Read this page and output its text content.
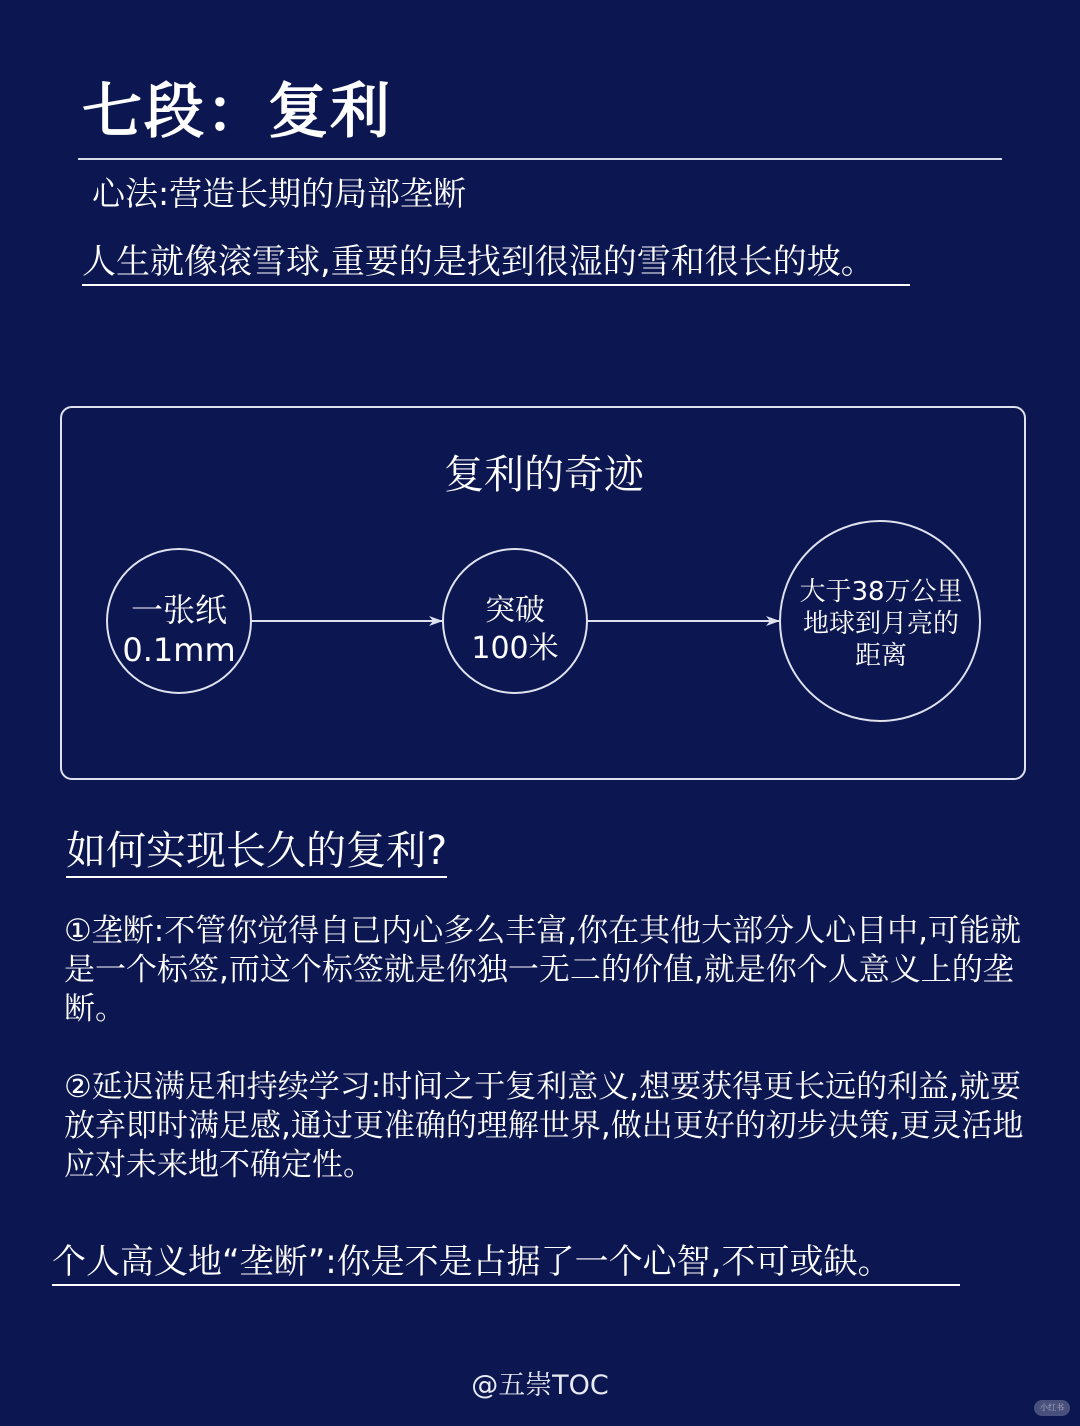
七段：复利
心法:营造长期的局部垄断
人生就像滚雪球,重要的是找到很湿的雪和很长的坡。
复利的奇迹
一张纸
0.1mm
突破
100米
大于38万公里
地球到月亮的
距离
如何实现长久的复利?
①垄断:不管你觉得自已内心多么丰富,你在其他大部分人心目中,可能就是一个标签,而这个标签就是你独一无二的价值,就是你个人意义上的垄断。
②延迟满足和持续学习:时间之于复利意义,想要获得更长远的利益,就要放弃即时满足感,通过更准确的理解世界,做出更好的初步决策,更灵活地应对未来地不确定性。
个人高义地“垄断”:你是不是占据了一个心智,不可或缺。
@五崇TOC
小红书
